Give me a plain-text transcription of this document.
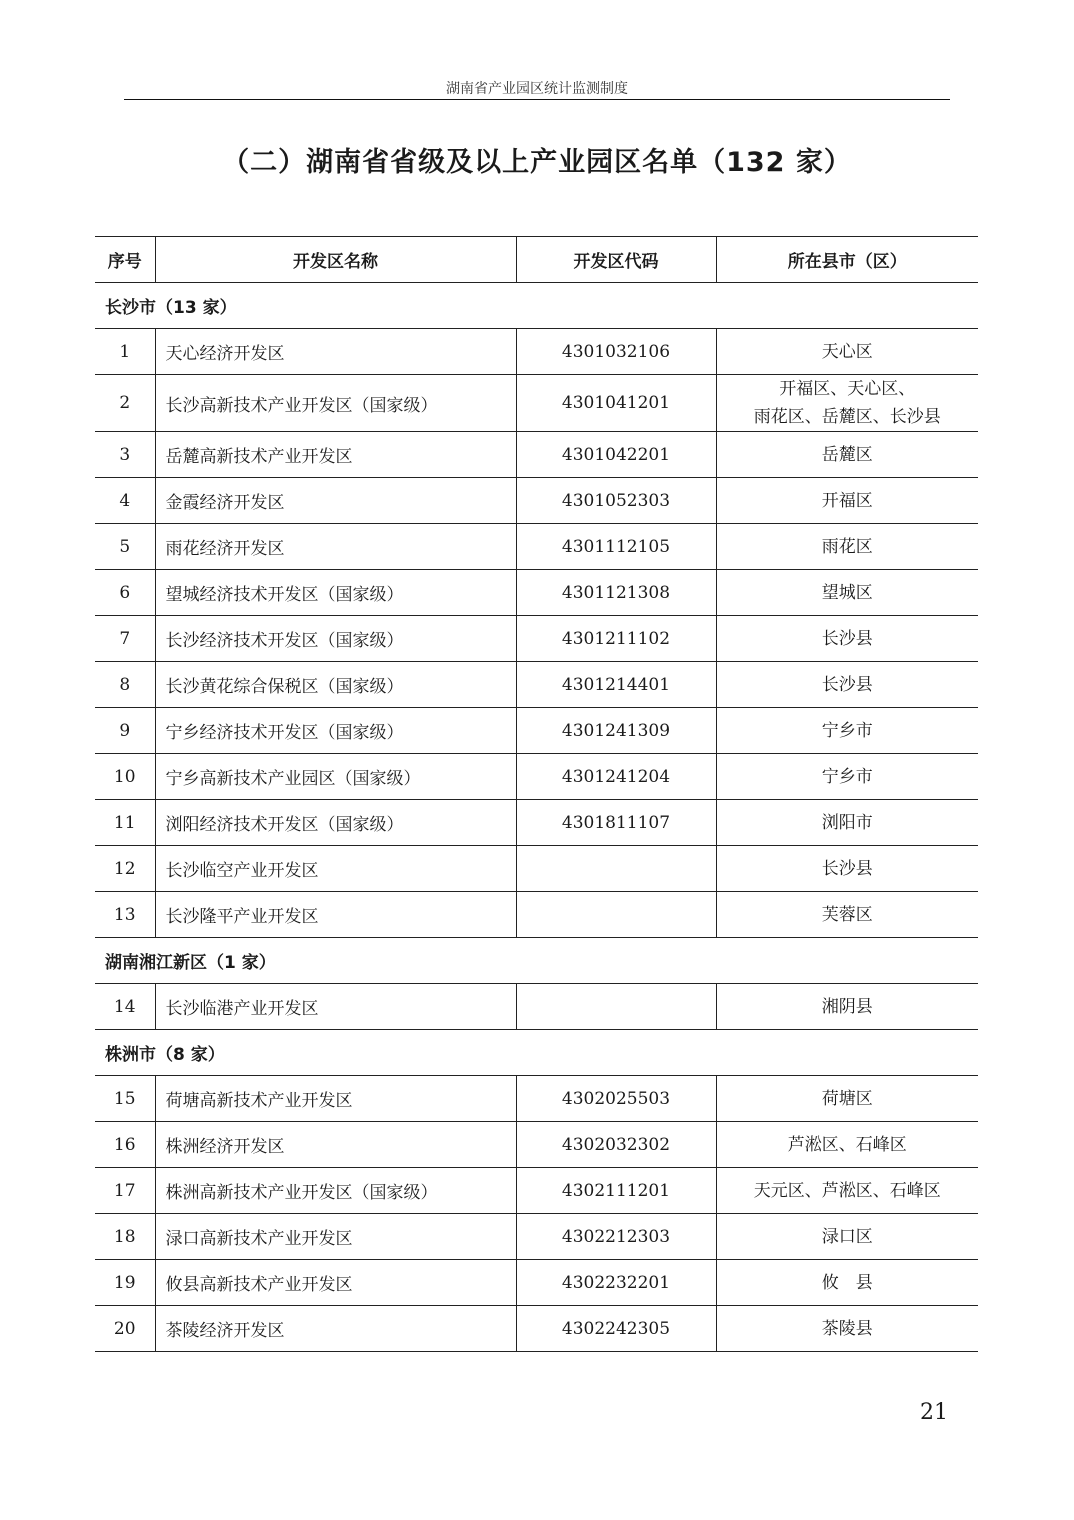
湖南省产业园区统计监测制度
（二）湖南省省级及以上产业园区名单（132 家）
序号	开发区名称	开发区代码	所在县市（区）
长沙市（13 家）			
1	天心经济开发区	4301032106	天心区

2	长沙高新技术产业开发区（国家级）	4301041201	开福区、天心区、
雨花区、岳麓区、长沙县

3	岳麓高新技术产业开发区	4301042201	岳麓区

4	金霞经济开发区	4301052303	开福区

5	雨花经济开发区	4301112105	雨花区

6	望城经济技术开发区（国家级）	4301121308	望城区

7	长沙经济技术开发区（国家级）	4301211102	长沙县

8	长沙黄花综合保税区（国家级）	4301214401	长沙县

9	宁乡经济技术开发区（国家级）	4301241309	宁乡市

10	宁乡高新技术产业园区（国家级）	4301241204	宁乡市

11	浏阳经济技术开发区（国家级）	4301811107	浏阳市

12	长沙临空产业开发区		长沙县

13	长沙隆平产业开发区		芙蓉区

湖南湘江新区（1 家）			
14	长沙临港产业开发区		湘阴县

株洲市（8 家）			
15	荷塘高新技术产业开发区	4302025503	荷塘区

16	株洲经济开发区	4302032302	芦淞区、石峰区

17	株洲高新技术产业开发区（国家级）	4302111201	天元区、芦淞区、石峰区

18	渌口高新技术产业开发区	4302212303	渌口区

19	攸县高新技术产业开发区	4302232201	攸　县

20	茶陵经济开发区	4302242305	茶陵县
21
